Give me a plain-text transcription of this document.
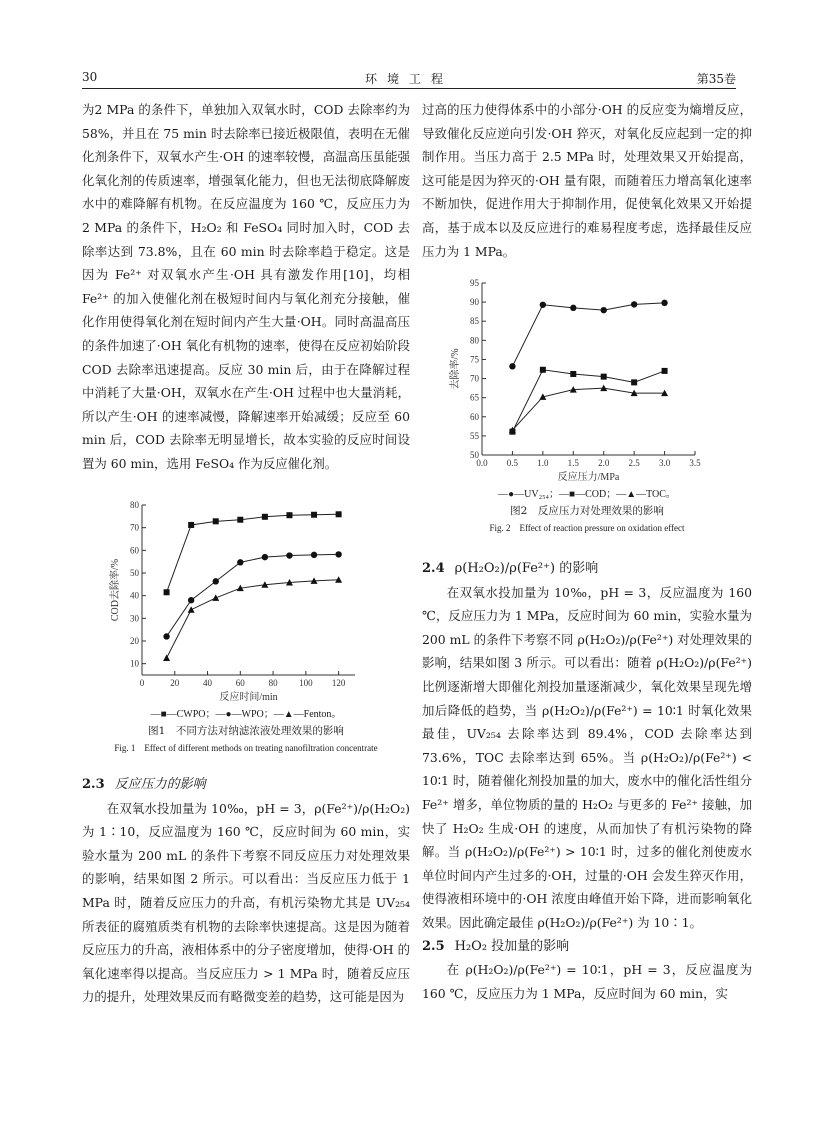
30	环境工程	第35卷

为2 MPa 的条件下，单独加入双氧水时，COD 去除率约为 58%，并且在 75 min 时去除率已接近极限值，表明在无催化剂条件下，双氧水产生·OH 的速率较慢，高温高压虽能强化氧化剂的传质速率，增强氧化能力，但也无法彻底降解废水中的难降解有机物。在反应温度为 160 ℃，反应压力为 2 MPa 的条件下，H₂O₂ 和 FeSO₄ 同时加入时，COD 去除率达到 73.8%，且在 60 min 时去除率趋于稳定。这是因为 Fe²⁺ 对双氧水产生·OH 具有激发作用[10]，均相 Fe²⁺ 的加入使催化剂在极短时间内与氧化剂充分接触，催化作用使得氧化剂在短时间内产生大量·OH。同时高温高压的条件加速了·OH 氧化有机物的速率，使得在反应初始阶段 COD 去除率迅速提高。反应 30 min 后，由于在降解过程中消耗了大量·OH，双氧水在产生·OH 过程中也大量消耗，所以产生·OH 的速率减慢，降解速率开始减缓；反应至 60 min 后，COD 去除率无明显增长，故本实验的反应时间设置为 60 min，选用 FeSO₄ 作为反应催化剂。

10
20
30
40
50
60
70
80
0	20	40	60	80 100 120
反应时间/min
COD去除率/%
—■—CWPO；—●—WPO；—▲—Fenton。
图1　不同方法对纳滤浓液处理效果的影响
Fig. 1　Effect of different methods on treating nanofiltration concentrate

2.3 反应压力的影响

在双氧水投加量为 10‰，pH = 3，ρ(Fe²⁺)/ρ(H₂O₂) 为 1∶10，反应温度为 160 ℃，反应时间为 60 min，实验水量为 200 mL 的条件下考察不同反应压力对处理效果的影响，结果如图 2 所示。可以看出：当反应压力低于 1 MPa 时，随着反应压力的升高，有机污染物尤其是 UV₂₅₄ 所表征的腐殖质类有机物的去除率快速提高。这是因为随着反应压力的升高，液相体系中的分子密度增加，使得·OH 的氧化速率得以提高。当反应压力 > 1 MPa 时，随着反应压力的提升，处理效果反而有略微变差的趋势，这可能是因为

过高的压力使得体系中的小部分·OH 的反应变为熵增反应，导致催化反应逆向引发·OH 猝灭，对氧化反应起到一定的抑制作用。当压力高于 2.5 MPa 时，处理效果又开始提高，这可能是因为猝灭的·OH 量有限，而随着压力增高氧化速率不断加快，促进作用大于抑制作用，促使氧化效果又开始提高，基于成本以及反应进行的难易程度考虑，选择最佳反应压力为 1 MPa。

50
55
60
65
70
75
80
85
90
95
0.0 0.5 1.0 1.5 2.0 2.5 3.0 3.5
反应压力/MPa
去除率/%
—●—UV₂₅₄；—■—COD；—▲—TOC。
图2　反应压力对处理效果的影响
Fig. 2　Effect of reaction pressure on oxidation effect

2.4 ρ(H₂O₂)/ρ(Fe²⁺) 的影响

在双氧水投加量为 10‰，pH = 3，反应温度为 160 ℃，反应压力为 1 MPa，反应时间为 60 min，实验水量为 200 mL 的条件下考察不同 ρ(H₂O₂)/ρ(Fe²⁺) 对处理效果的影响，结果如图 3 所示。可以看出：随着 ρ(H₂O₂)/ρ(Fe²⁺) 比例逐渐增大即催化剂投加量逐渐减少，氧化效果呈现先增加后降低的趋势，当 ρ(H₂O₂)/ρ(Fe²⁺) = 10∶1 时氧化效果最佳，UV₂₅₄ 去除率达到 89.4%，COD 去除率达到 73.6%，TOC 去除率达到 65%。当 ρ(H₂O₂)/ρ(Fe²⁺) < 10∶1 时，随着催化剂投加量的加大，废水中的催化活性组分 Fe²⁺ 增多，单位物质的量的 H₂O₂ 与更多的 Fe²⁺ 接触，加快了 H₂O₂ 生成·OH 的速度，从而加快了有机污染物的降解。当 ρ(H₂O₂)/ρ(Fe²⁺) > 10∶1 时，过多的催化剂使废水单位时间内产生过多的·OH，过量的·OH 会发生猝灭作用，使得液相环境中的·OH 浓度由峰值开始下降，进而影响氧化效果。因此确定最佳 ρ(H₂O₂)/ρ(Fe²⁺) 为 10∶1。

2.5 H₂O₂ 投加量的影响

在 ρ(H₂O₂)/ρ(Fe²⁺) = 10∶1，pH = 3，反应温度为 160 ℃，反应压力为 1 MPa，反应时间为 60 min，实
